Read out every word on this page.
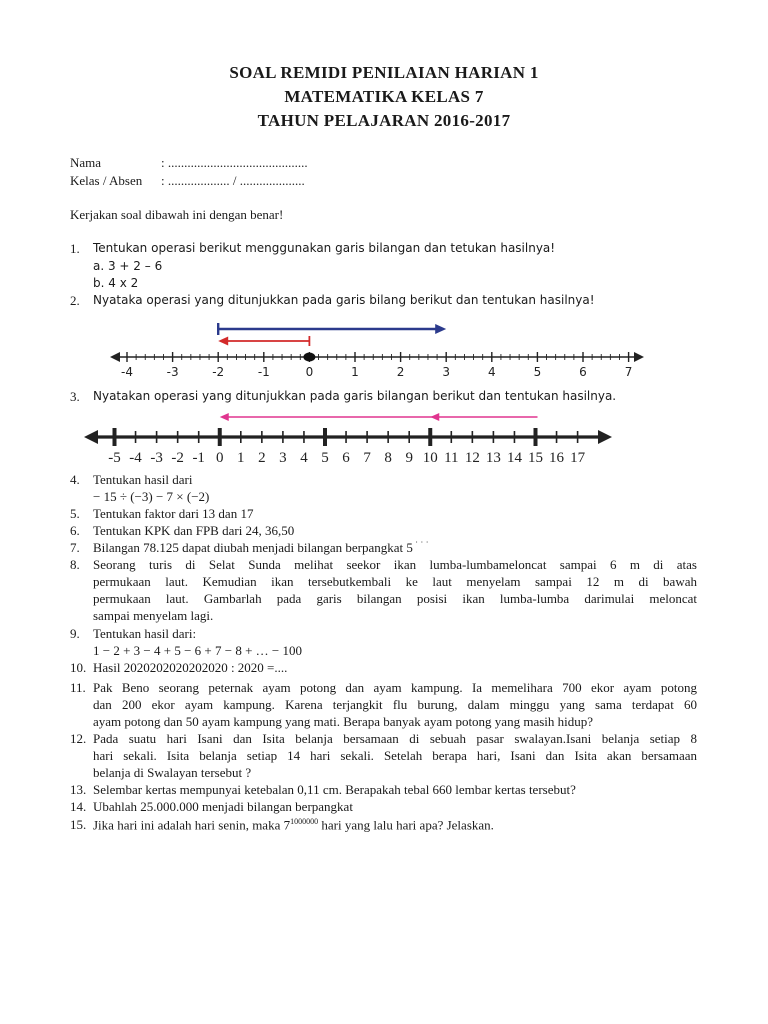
SOAL REMIDI PENILAIAN HARIAN 1
MATEMATIKA KELAS 7
TAHUN PELAJARAN 2016-2017
Nama	: ...........................................
Kelas / Absen : ................... / ....................
Kerjakan soal dibawah ini dengan benar!
1. Tentukan operasi berikut menggunakan garis bilangan dan tetukan hasilnya!
a. 3 + 2 – 6
b. 4 x 2
2. Nyataka operasi yang ditunjukkan pada garis bilang berikut dan tentukan hasilnya!
-4	-3	-2	-1	0	1	2	3	4	5	6	7
3. Nyatakan operasi yang ditunjukkan pada garis bilangan berikut dan tentukan hasilnya.
-5 -4 -3 -2 -1 0 1 2 3 4 5 6 7 8 9 10 11 12 13 14 15 16 17
4. Tentukan hasil dari
− 15 ÷ (−3) − 7 × (−2)
5. Tentukan faktor dari 13 dan 17
6. Tentukan KPK dan FPB dari 24, 36,50
7. Bilangan 78.125 dapat diubah menjadi bilangan berpangkat 5 ˙ ˙ ˙
8. Seorang turis di Selat Sunda melihat seekor ikan lumba-lumbameloncat sampai 6 m di atas
permukaan laut. Kemudian ikan tersebutkembali ke laut menyelam sampai 12 m di bawah
permukaan laut. Gambarlah pada garis bilangan posisi ikan lumba-lumba darimulai meloncat
sampai menyelam lagi.
9. Tentukan hasil dari:
1 − 2 + 3 − 4 + 5 − 6 + 7 − 8 + … − 100
10. Hasil 2020202020202020 : 2020 =....
11. Pak Beno seorang peternak ayam potong dan ayam kampung. Ia memelihara 700 ekor ayam potong
dan 200 ekor ayam kampung. Karena terjangkit flu burung, dalam minggu yang sama terdapat 60
ayam potong dan 50 ayam kampung yang mati. Berapa banyak ayam potong yang masih hidup?
12. Pada suatu hari Isani dan Isita belanja bersamaan di sebuah pasar swalayan.Isani belanja setiap 8
hari sekali. Isita belanja setiap 14 hari sekali. Setelah berapa hari, Isani dan Isita akan bersamaan
belanja di Swalayan tersebut ?
13. Selembar kertas mempunyai ketebalan 0,11 cm. Berapakah tebal 660 lembar kertas tersebut?
14. Ubahlah 25.000.000 menjadi bilangan berpangkat
15. Jika hari ini adalah hari senin, maka $7^{1000000}$ hari yang lalu hari apa? Jelaskan.
